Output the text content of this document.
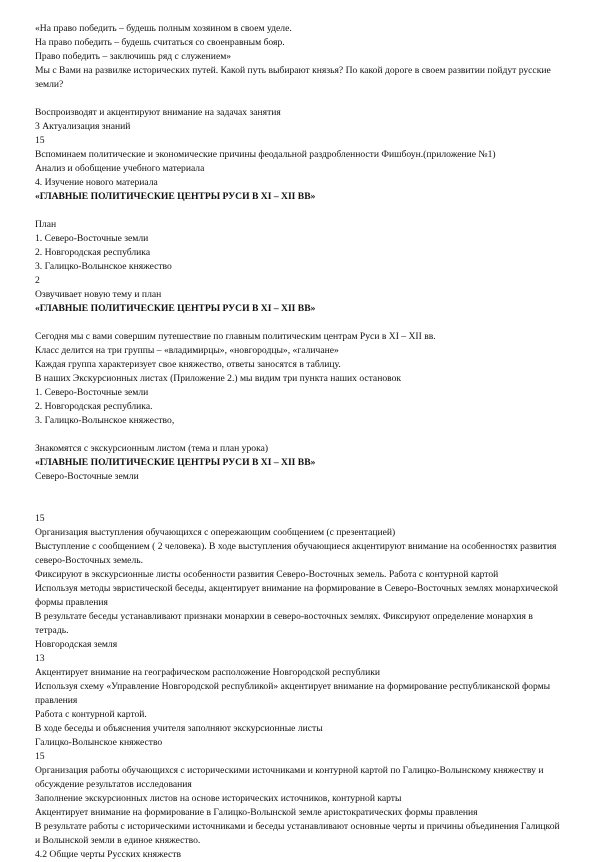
«На право победить – будешь полным хозяином в своем уделе.
На право победить – будешь считаться со своенравным бояр.
Право победить – заключишь ряд с служением»
Мы с Вами на развилке исторических путей. Какой путь выбирают князья? По какой дороге в своем развитии пойдут русские земли?
Воспроизводят и акцентируют внимание на задачах занятия
3 Актуализация знаний
15
Вспоминаем политические и экономические причины феодальной раздробленности Фишбоун.(приложение №1)
Анализ и обобщение учебного материала
4. Изучение нового материала
«ГЛАВНЫЕ ПОЛИТИЧЕСКИЕ ЦЕНТРЫ РУСИ В XI – XII ВВ»
План
1. Северо-Восточные земли
2. Новгородская республика
3. Галицко-Волынское княжество
2
Озвучивает новую тему и план
«ГЛАВНЫЕ ПОЛИТИЧЕСКИЕ ЦЕНТРЫ РУСИ В XI – XII ВВ»
Сегодня мы с вами совершим путешествие по главным политическим центрам Руси в XI – XII вв.
Класс делится на три группы – «владимирцы», «новгородцы», «галичане»
Каждая группа характеризует свое княжество, ответы заносятся в таблицу.
В наших Экскурсионных листах (Приложение 2.) мы видим три пункта наших остановок
1. Северо-Восточные земли
2. Новгородская республика.
3. Галицко-Волынское княжество,
Знакомятся с экскурсионным листом (тема и план урока)
«ГЛАВНЫЕ ПОЛИТИЧЕСКИЕ ЦЕНТРЫ РУСИ В XI – XII ВВ»
Северо-Восточные земли
15
Организация выступления обучающихся с опережающим сообщением (с презентацией)
Выступление с сообщением ( 2 человека). В ходе выступления обучающиеся акцентируют внимание на особенностях развития северо-Восточных земель.
Фиксируют в экскурсионные листы особенности развития Северо-Восточных земель. Работа с контурной картой
Используя методы эвристической беседы, акцентирует внимание на формирование в Северо-Восточных землях монархической формы правления
В результате беседы устанавливают признаки монархии в северо-восточных землях. Фиксируют определение монархия в тетрадь.
Новгородская земля
13
Акцентирует внимание на географическом расположение Новгородской республики
Используя схему «Управление Новгородской республикой» акцентирует внимание на формирование республиканской формы правления
Работа с контурной картой.
В ходе беседы и объяснения учителя заполняют экскурсионные листы
Галицко-Волынское княжество
15
Организация работы обучающихся с историческими источниками и контурной картой по Галицко-Волынскому княжеству и обсуждение результатов исследования
Заполнение экскурсионных листов на основе исторических источников, контурной карты
Акцентирует внимание на формирование в Галицко-Волынской земле аристократических формы правления
В результате работы с историческими источниками и беседы устанавливают основные черты и причины объединения Галицкой и Волынской земли в единое княжество.
4.2 Общие черты Русских княжеств
